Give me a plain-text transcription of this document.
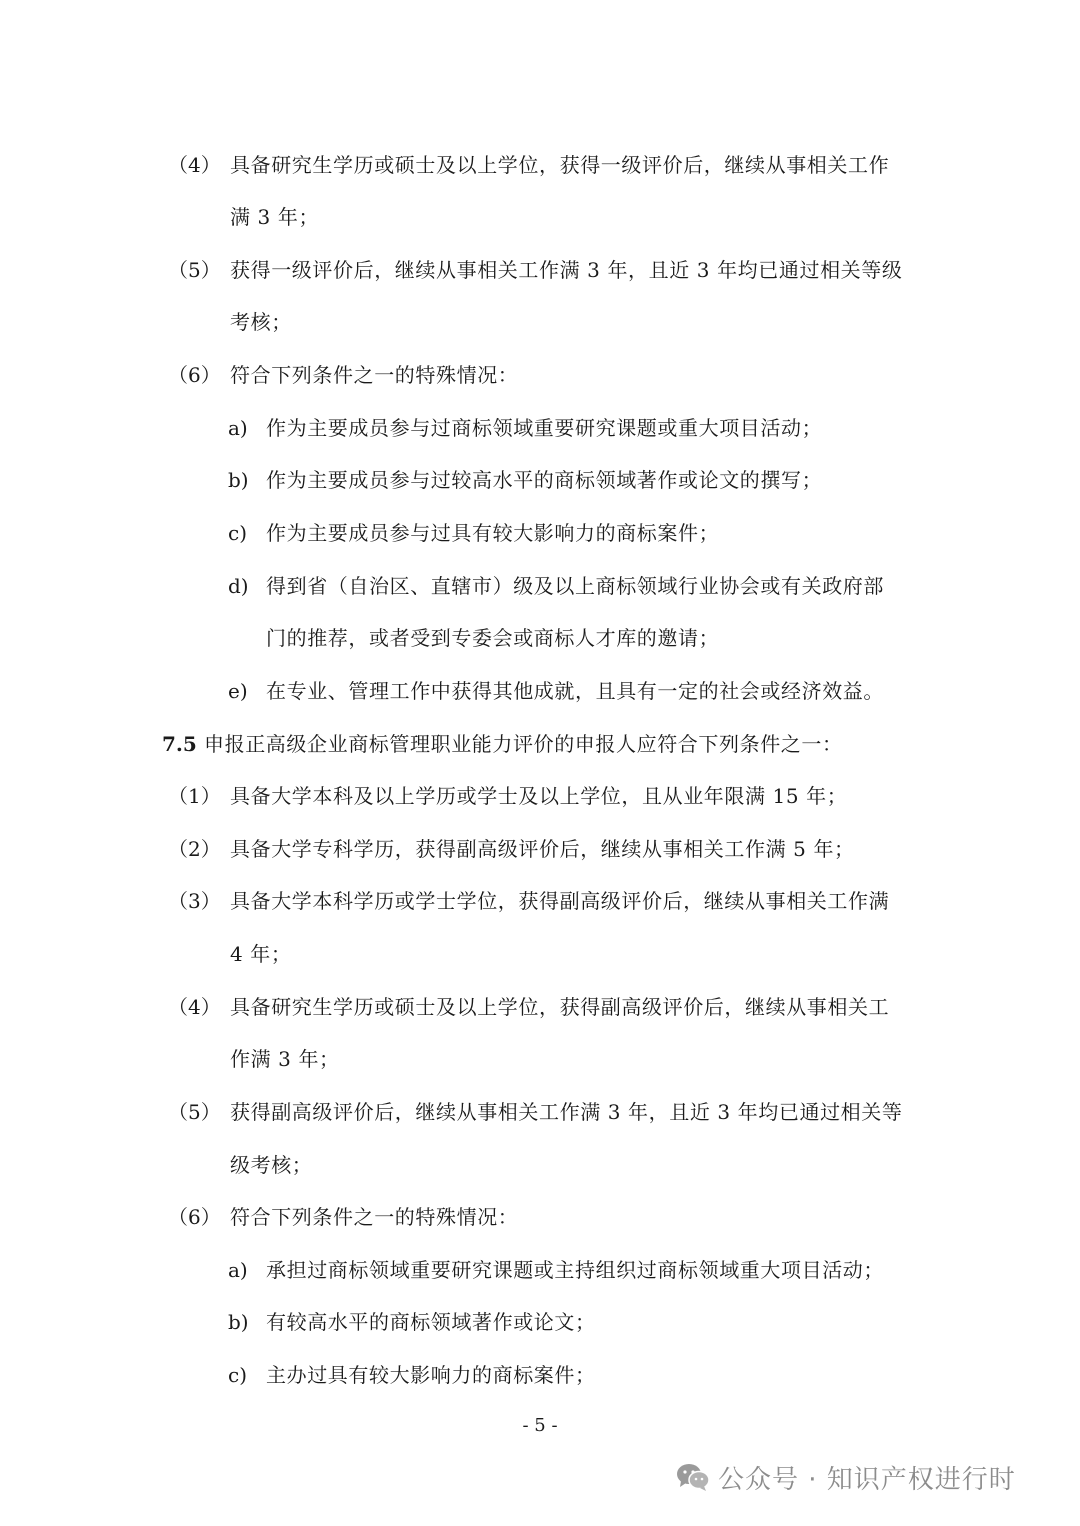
（4） 具备研究生学历或硕士及以上学位，获得一级评价后，继续从事相关工作
满 3 年；
（5） 获得一级评价后，继续从事相关工作满 3 年，且近 3 年均已通过相关等级
考核；
（6） 符合下列条件之一的特殊情况：
a) 作为主要成员参与过商标领域重要研究课题或重大项目活动；
b) 作为主要成员参与过较高水平的商标领域著作或论文的撰写；
c) 作为主要成员参与过具有较大影响力的商标案件；
d) 得到省（自治区、直辖市）级及以上商标领域行业协会或有关政府部
门的推荐，或者受到专委会或商标人才库的邀请；
e) 在专业、管理工作中获得其他成就，且具有一定的社会或经济效益。
7.5 申报正高级企业商标管理职业能力评价的申报人应符合下列条件之一：
（1） 具备大学本科及以上学历或学士及以上学位，且从业年限满 15 年；
（2） 具备大学专科学历，获得副高级评价后，继续从事相关工作满 5 年；
（3） 具备大学本科学历或学士学位，获得副高级评价后，继续从事相关工作满
4 年；
（4） 具备研究生学历或硕士及以上学位，获得副高级评价后，继续从事相关工
作满 3 年；
（5） 获得副高级评价后，继续从事相关工作满 3 年，且近 3 年均已通过相关等
级考核；
（6） 符合下列条件之一的特殊情况：
a) 承担过商标领域重要研究课题或主持组织过商标领域重大项目活动；
b) 有较高水平的商标领域著作或论文；
c) 主办过具有较大影响力的商标案件；
- 5 -
公众号 · 知识产权进行时
